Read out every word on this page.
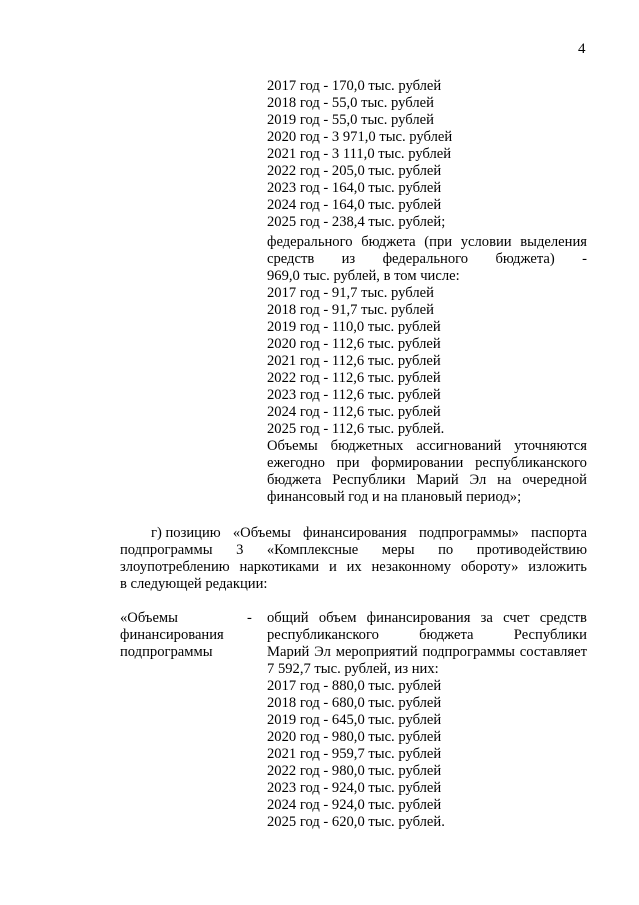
4
2017 год - 170,0 тыс. рублей
2018 год - 55,0 тыс. рублей
2019 год - 55,0 тыс. рублей
2020 год - 3 971,0 тыс. рублей
2021 год - 3 111,0 тыс. рублей
2022 год - 205,0 тыс. рублей
2023 год - 164,0 тыс. рублей
2024 год - 164,0 тыс. рублей
2025 год - 238,4 тыс. рублей;
федерального бюджета (при условии выделения
средств из федерального бюджета) -
969,0 тыс. рублей, в том числе:
2017 год - 91,7 тыс. рублей
2018 год - 91,7 тыс. рублей
2019 год - 110,0 тыс. рублей
2020 год - 112,6 тыс. рублей
2021 год - 112,6 тыс. рублей
2022 год - 112,6 тыс. рублей
2023 год - 112,6 тыс. рублей
2024 год - 112,6 тыс. рублей
2025 год - 112,6 тыс. рублей.
Объемы бюджетных ассигнований уточняются
ежегодно при формировании республиканского
бюджета Республики Марий Эл на очередной
финансовый год и на плановый период»;
г) позицию «Объемы финансирования подпрограммы» паспорта
подпрограммы 3 «Комплексные меры по противодействию
злоупотреблению наркотиками и их незаконному обороту» изложить
в следующей редакции:
«Объемы
финансирования
подпрограммы
- общий объем финансирования за счет средств
республиканского	бюджета	Республики
Марий Эл мероприятий подпрограммы составляет
7 592,7 тыс. рублей, из них:
2017 год - 880,0 тыс. рублей
2018 год - 680,0 тыс. рублей
2019 год - 645,0 тыс. рублей
2020 год - 980,0 тыс. рублей
2021 год - 959,7 тыс. рублей
2022 год - 980,0 тыс. рублей
2023 год - 924,0 тыс. рублей
2024 год - 924,0 тыс. рублей
2025 год - 620,0 тыс. рублей.
